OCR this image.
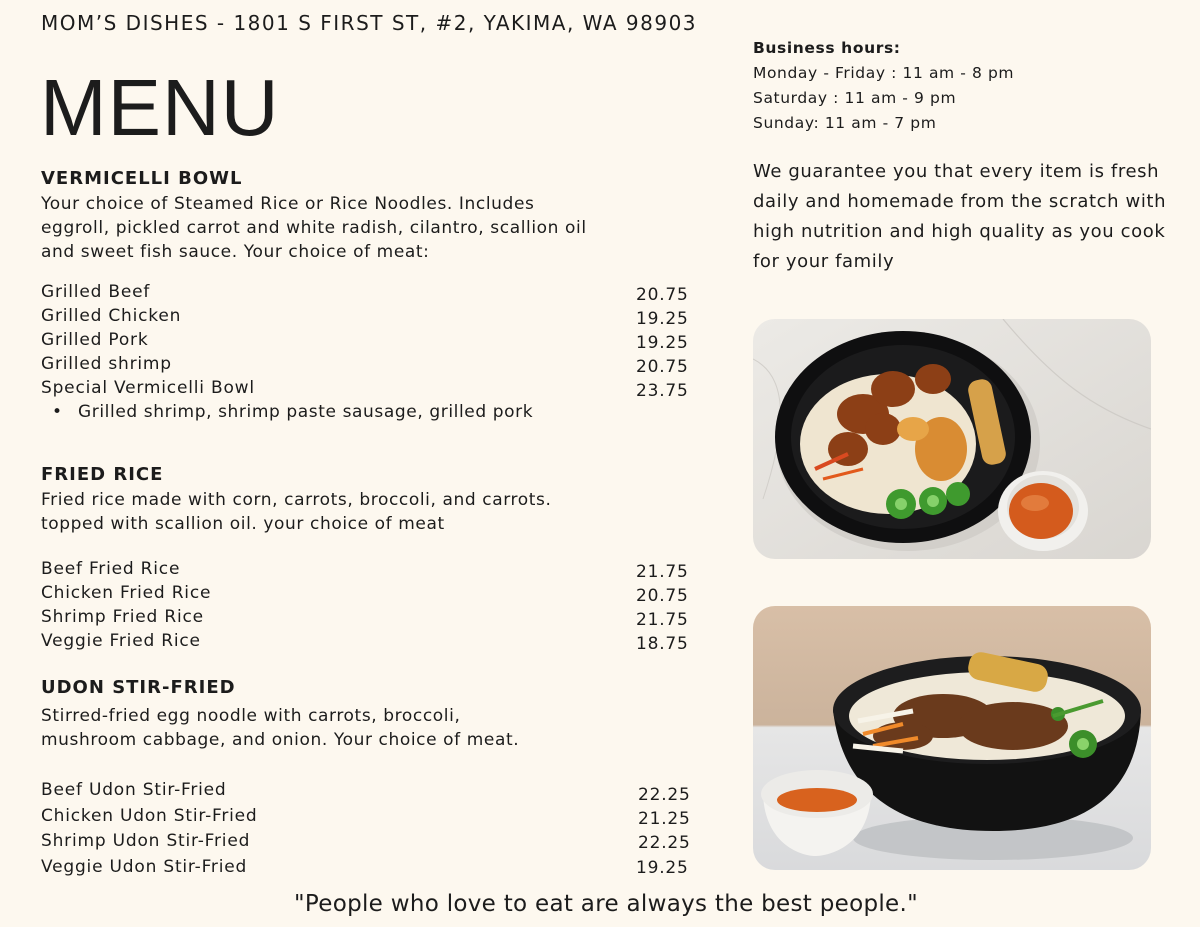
MOM’S DISHES - 1801 S FIRST ST, #2, YAKIMA, WA 98903
MENU
VERMICELLI BOWL
Your choice of Steamed Rice or Rice Noodles. Includes
eggroll, pickled carrot and white radish, cilantro, scallion oil
and sweet fish sauce. Your choice of meat:
Grilled Beef	20.75
Grilled Chicken	19.25
Grilled Pork	19.25
Grilled shrimp	20.75
Special Vermicelli Bowl	23.75
• Grilled shrimp, shrimp paste sausage, grilled pork
FRIED RICE
Fried rice made with corn, carrots, broccoli, and carrots.
topped with scallion oil. your choice of meat
Beef Fried Rice	21.75
Chicken Fried Rice	20.75
Shrimp Fried Rice	21.75
Veggie Fried Rice	18.75
UDON STIR-FRIED
Stirred-fried egg noodle with carrots, broccoli,
mushroom cabbage, and onion. Your choice of meat.
Beef Udon Stir-Fried	22.25
Chicken Udon Stir-Fried	21.25
Shrimp Udon Stir-Fried	22.25
Veggie Udon Stir-Fried	19.25
Business hours:
Monday - Friday : 11 am - 8 pm
Saturday : 11 am - 9 pm
Sunday: 11 am - 7 pm
We guarantee you that every item is fresh daily and homemade from the scratch with high nutrition and high quality as you cook for your family
"People who love to eat are always the best people."
